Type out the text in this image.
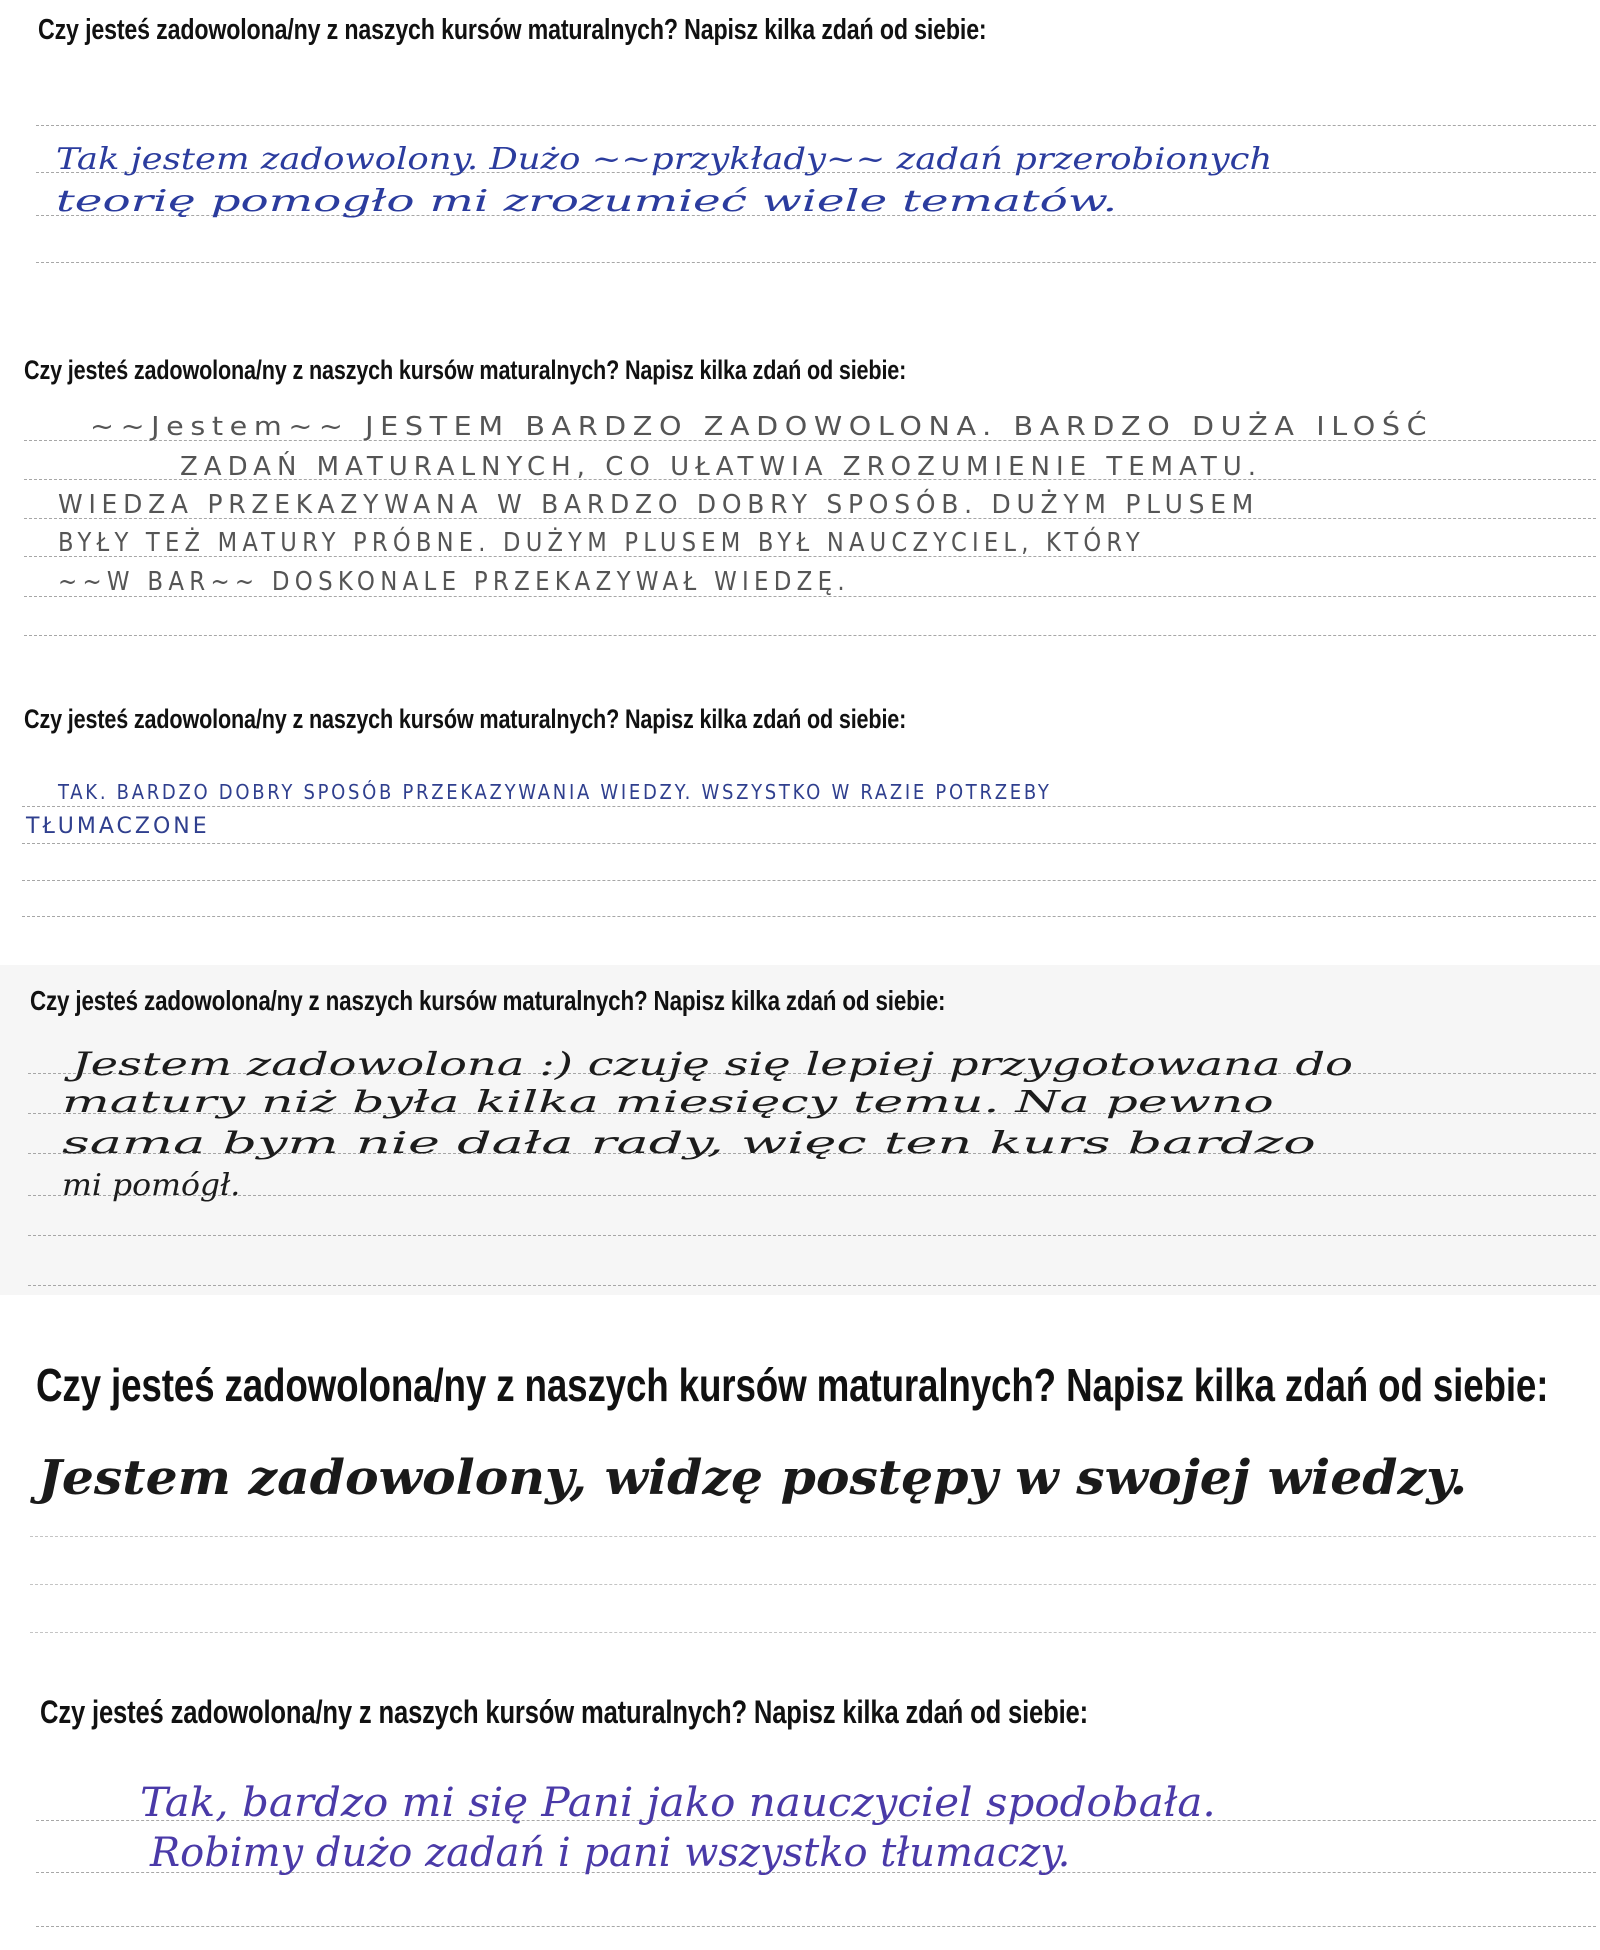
Czy jesteś zadowolona/ny z naszych kursów maturalnych? Napisz kilka zdań od siebie:
Tak jestem zadowolony. Dużo ~~przykłady~~ zadań przerobionych
teorię pomogło mi zrozumieć wiele tematów.
Czy jesteś zadowolona/ny z naszych kursów maturalnych? Napisz kilka zdań od siebie:
~~Jestem~~ JESTEM BARDZO ZADOWOLONA. BARDZO DUŻA ILOŚĆ
ZADAŃ MATURALNYCH, CO UŁATWIA ZROZUMIENIE TEMATU.
WIEDZA PRZEKAZYWANA W BARDZO DOBRY SPOSÓB. DUŻYM PLUSEM
BYŁY TEŻ MATURY PRÓBNE. DUŻYM PLUSEM BYŁ NAUCZYCIEL, KTÓRY
~~W BAR~~ DOSKONALE PRZEKAZYWAŁ WIEDZĘ.
Czy jesteś zadowolona/ny z naszych kursów maturalnych? Napisz kilka zdań od siebie:
TAK. BARDZO DOBRY SPOSÓB PRZEKAZYWANIA WIEDZY. WSZYSTKO W RAZIE POTRZEBY
TŁUMACZONE
Czy jesteś zadowolona/ny z naszych kursów maturalnych? Napisz kilka zdań od siebie:
Jestem zadowolona :) czuję się lepiej przygotowana do
matury niż była kilka miesięcy temu. Na pewno
sama bym nie dała rady, więc ten kurs bardzo
mi pomógł.
Czy jesteś zadowolona/ny z naszych kursów maturalnych? Napisz kilka zdań od siebie:
Jestem zadowolony, widzę postępy w swojej wiedzy.
Czy jesteś zadowolona/ny z naszych kursów maturalnych? Napisz kilka zdań od siebie:
Tak, bardzo mi się Pani jako nauczyciel spodobała.
Robimy dużo zadań i pani wszystko tłumaczy.
